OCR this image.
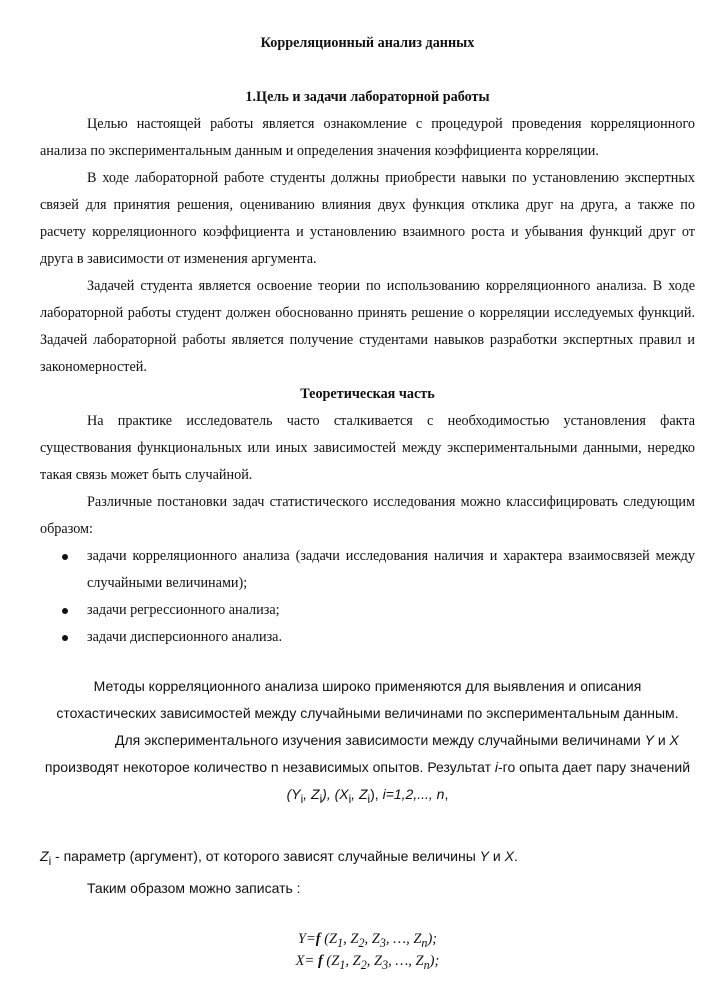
Корреляционный анализ данных

1.Цель и задачи лабораторной работы

Целью настоящей работы является ознакомление с процедурой проведения корреляционного анализа по экспериментальным данным и определения значения коэффициента корреляции.

В ходе лабораторной работе студенты должны приобрести навыки по установлению экспертных связей для принятия решения, оцениванию влияния двух функция отклика друг на друга, а также по расчету корреляционного коэффициента и установлению взаимного роста и убывания функций друг от друга в зависимости от изменения аргумента.

Задачей студента является освоение теории по использованию корреляционного анализа. В ходе лабораторной работы студент должен обоснованно принять решение о корреляции исследуемых функций. Задачей лабораторной работы является получение студентами навыков разработки экспертных правил и закономерностей.

Теоретическая часть

На практике исследователь часто сталкивается с необходимостью установления факта существования функциональных или иных зависимостей между экспериментальными данными, нередко такая связь может быть случайной.

Различные постановки задач статистического исследования можно классифицировать следующим образом:

задачи корреляционного анализа (задачи исследования наличия и характера взаимосвязей между случайными величинами);
задачи регрессионного анализа;
задачи дисперсионного анализа.

Методы корреляционного анализа широко применяются для выявления и описания

стохастических зависимостей между случайными величинами по экспериментальным данным.

Для экспериментального изучения зависимости между случайными величинами Y и X

производят некоторое количество n независимых опытов. Результат i-го опыта дает пару значений

($Y_i$, $Z_i$), ($X_i$, $Z_i$), i=1,2,..., n,

$Z_i$ - параметр (аргумент), от которого зависят случайные величины Y и X.

Таким образом можно записать :

Y=f ($Z_1$, $Z_2$, $Z_3$, …, $Z_n$);

X= f ($Z_1$, $Z_2$, $Z_3$, …, $Z_n$);
